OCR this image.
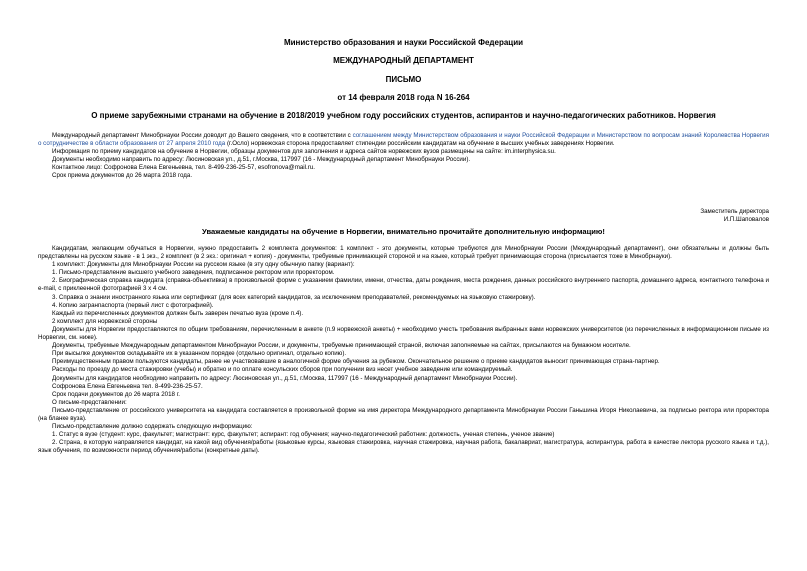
Министерство образования и науки Российской Федерации
МЕЖДУНАРОДНЫЙ ДЕПАРТАМЕНТ
ПИСЬМО
от 14 февраля 2018 года N 16-264
О приеме зарубежными странами на обучение в 2018/2019 учебном году российских студентов, аспирантов и научно-педагогических работников. Норвегия

Международный департамент Минобрнауки России доводит до Вашего сведения, что в соответствии с соглашением между Министерством образования и науки Российской Федерации и Министерством по вопросам знаний Королевства Норвегия о сотрудничестве в области образования от 27 апреля 2010 года (г.Осло) норвежская сторона предоставляет стипендии российским кандидатам на обучение в высших учебных заведениях Норвегии.

Информация по приему кандидатов на обучение в Норвегии, образцы документов для заполнения и адреса сайтов норвежских вузов размещены на сайте: im.interphysica.su.

Документы необходимо направить по адресу: Люсиновская ул., д.51, г.Москва, 117997 (16 - Международный департамент Минобрнауки России).

Контактное лицо: Софронова Елена Евгеньевна, тел. 8-499-236-25-57, esofronova@mail.ru.

Срок приема документов до 26 марта 2018 года.

Заместитель директора

И.П.Шаповалов

Уважаемые кандидаты на обучение в Норвегии, внимательно прочитайте дополнительную информацию!

Кандидатам, желающим обучаться в Норвегии, нужно предоставить 2 комплекта документов: 1 комплект - это документы, которые требуются для Минобрнауки России (Международный департамент), они обязательны и должны быть представлены на русском языке - в 1 экз., 2 комплект (в 2 экз.: оригинал + копия) - документы, требуемые принимающей стороной и на языке, который требует принимающая сторона (присылается тоже в Минобрнауки).

1 комплект: Документы для Минобрнауки России на русском языке (в эту одну обычную папку (вариант):

1. Письмо-представление высшего учебного заведения, подписанное ректором или проректором.

2. Биографическая справка кандидата (справка-объективка) в произвольной форме с указанием фамилии, имени, отчества, даты рождения, места рождения, данных российского внутреннего паспорта, домашнего адреса, контактного телефона и e-mail, с приклеенной фотографией 3 х 4 см.

3. Справка о знании иностранного языка или сертификат (для всех категорий кандидатов, за исключением преподавателей, рекомендуемых на языковую стажировку).

4. Копию загранпаспорта (первый лист с фотографией).

Каждый из перечисленных документов должен быть заверен печатью вуза (кроме п.4).

2 комплект для норвежской стороны

Документы для Норвегии предоставляются по общим требованиям, перечисленным в анкете (п.9 норвежской анкеты) + необходимо учесть требования выбранных вами норвежских университетов (из перечисленных в информационном письме из Норвегии, см. ниже).

Документы, требуемые Международным департаментом Минобрнауки России, и документы, требуемые принимающей страной, включая заполняемые на сайтах, присылаются на бумажном носителе.

При высылке документов складывайте их в указанном порядке (отдельно оригинал, отдельно копию).

Преимущественным правом пользуются кандидаты, ранее не участвовавшие в аналогичной форме обучения за рубежом. Окончательное решение о приеме кандидатов выносит принимающая страна-партнер.

Расходы по проезду до места стажировки (учебы) и обратно и по оплате консульских сборов при получении виз несет учебное заведение или командируемый.

Документы для кандидатов необходимо направить по адресу: Люсиновская ул., д.51, г.Москва, 117997 (16 - Международный департамент Минобрнауки России).

Софронова Елена Евгеньевна тел. 8-499-236-25-57.

Срок подачи документов до 26 марта 2018 г.

О письме-представлении:

Письмо-представление от российского университета на кандидата составляется в произвольной форме на имя директора Международного департамента Минобрнауки России Ганьшина Игоря Николаевича, за подписью ректора или проректора (на бланке вуза).

Письмо-представление должно содержать следующую информацию:

1. Статус в вузе (студент: курс, факультет; магистрант: курс, факультет; аспирант: год обучения; научно-педагогический работник: должность, ученая степень, ученое звание)

2. Страна, в которую направляется кандидат, на какой вид обучения/работы (языковые курсы, языковая стажировка, научная стажировка, научная работа, бакалавриат, магистратура, аспирантура, работа в качестве лектора русского языка и т.д.), язык обучения, по возможности период обучения/работы (конкретные даты).
